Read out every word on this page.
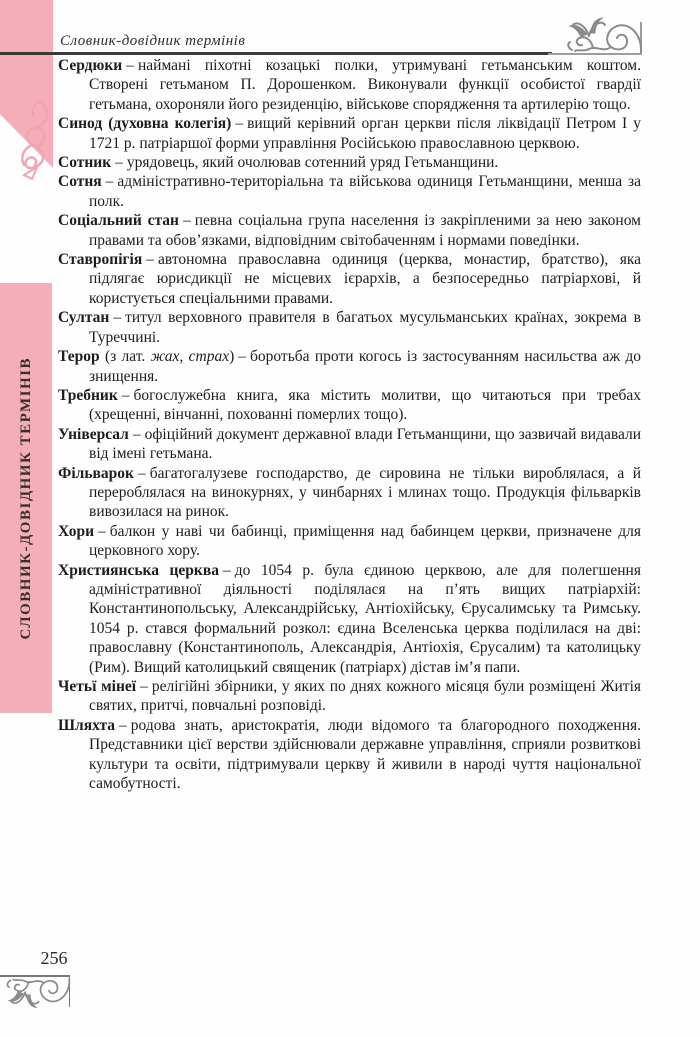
СЛОВНИК-ДОВІДНИК ТЕРМІНІВ
Словник-довідник термінів

Сердюки – наймані піхотні козацькі полки, утримувані гетьманським коштом. Створені гетьманом П. Дорошенком. Виконували функції особистої гвардії гетьмана, охороняли його резиденцію, військове спорядження та артилерію тощо.

Синод (духовна колегія) – вищий керівний орган церкви після ліквідації Петром І у 1721 р. патріаршої форми управління Російською православною церквою.

Сотник – урядовець, який очолював сотенний уряд Гетьманщини.

Сотня – адміністративно-територіальна та військова одиниця Гетьманщини, менша за полк.

Соціальний стан – певна соціальна група населення із закріпленими за нею законом правами та обов’язками, відповідним світобаченням і нормами поведінки.

Ставропігія – автономна православна одиниця (церква, монастир, братство), яка підлягає юрисдикції не місцевих ієрархів, а безпосередньо патріархові, й користується спеціальними правами.

Султан – титул верховного правителя в багатьох мусульманських країнах, зокрема в Туреччині.

Терор (з лат. жах, страх) – боротьба проти когось із застосуванням насильства аж до знищення.

Требник – богослужебна книга, яка містить молитви, що читаються при требах (хрещенні, вінчанні, похованні померлих тощо).

Універсал – офіційний документ державної влади Гетьманщини, що зазвичай видавали від імені гетьмана.

Фільварок – багатогалузеве господарство, де сировина не тільки вироблялася, а й перероблялася на винокурнях, у чинбарнях і млинах тощо. Продукція фільварків вивозилася на ринок.

Хори – балкон у наві чи бабинці, приміщення над бабинцем церкви, призначене для церковного хору.

Християнська церква – до 1054 р. була єдиною церквою, але для полегшення адміністративної діяльності поділялася на п’ять вищих патріархій: Константинопольську, Александрійську, Антіохійську, Єрусалимську та Римську. 1054 р. стався формальний розкол: єдина Вселенська церква поділилася на дві: православну (Константинополь, Александрія, Антіохія, Єрусалим) та католицьку (Рим). Вищий католицький священик (патріарх) дістав ім’я папи.

Четьї мінеї – релігійні збірники, у яких по днях кожного місяця були розміщені Житія святих, притчі, повчальні розповіді.

Шляхта – родова знать, аристократія, люди відомого та благородного походження. Представники цієї верстви здійснювали державне управління, сприяли розвиткові культури та освіти, підтримували церкву й живили в народі чуття національної самобутності.

256
